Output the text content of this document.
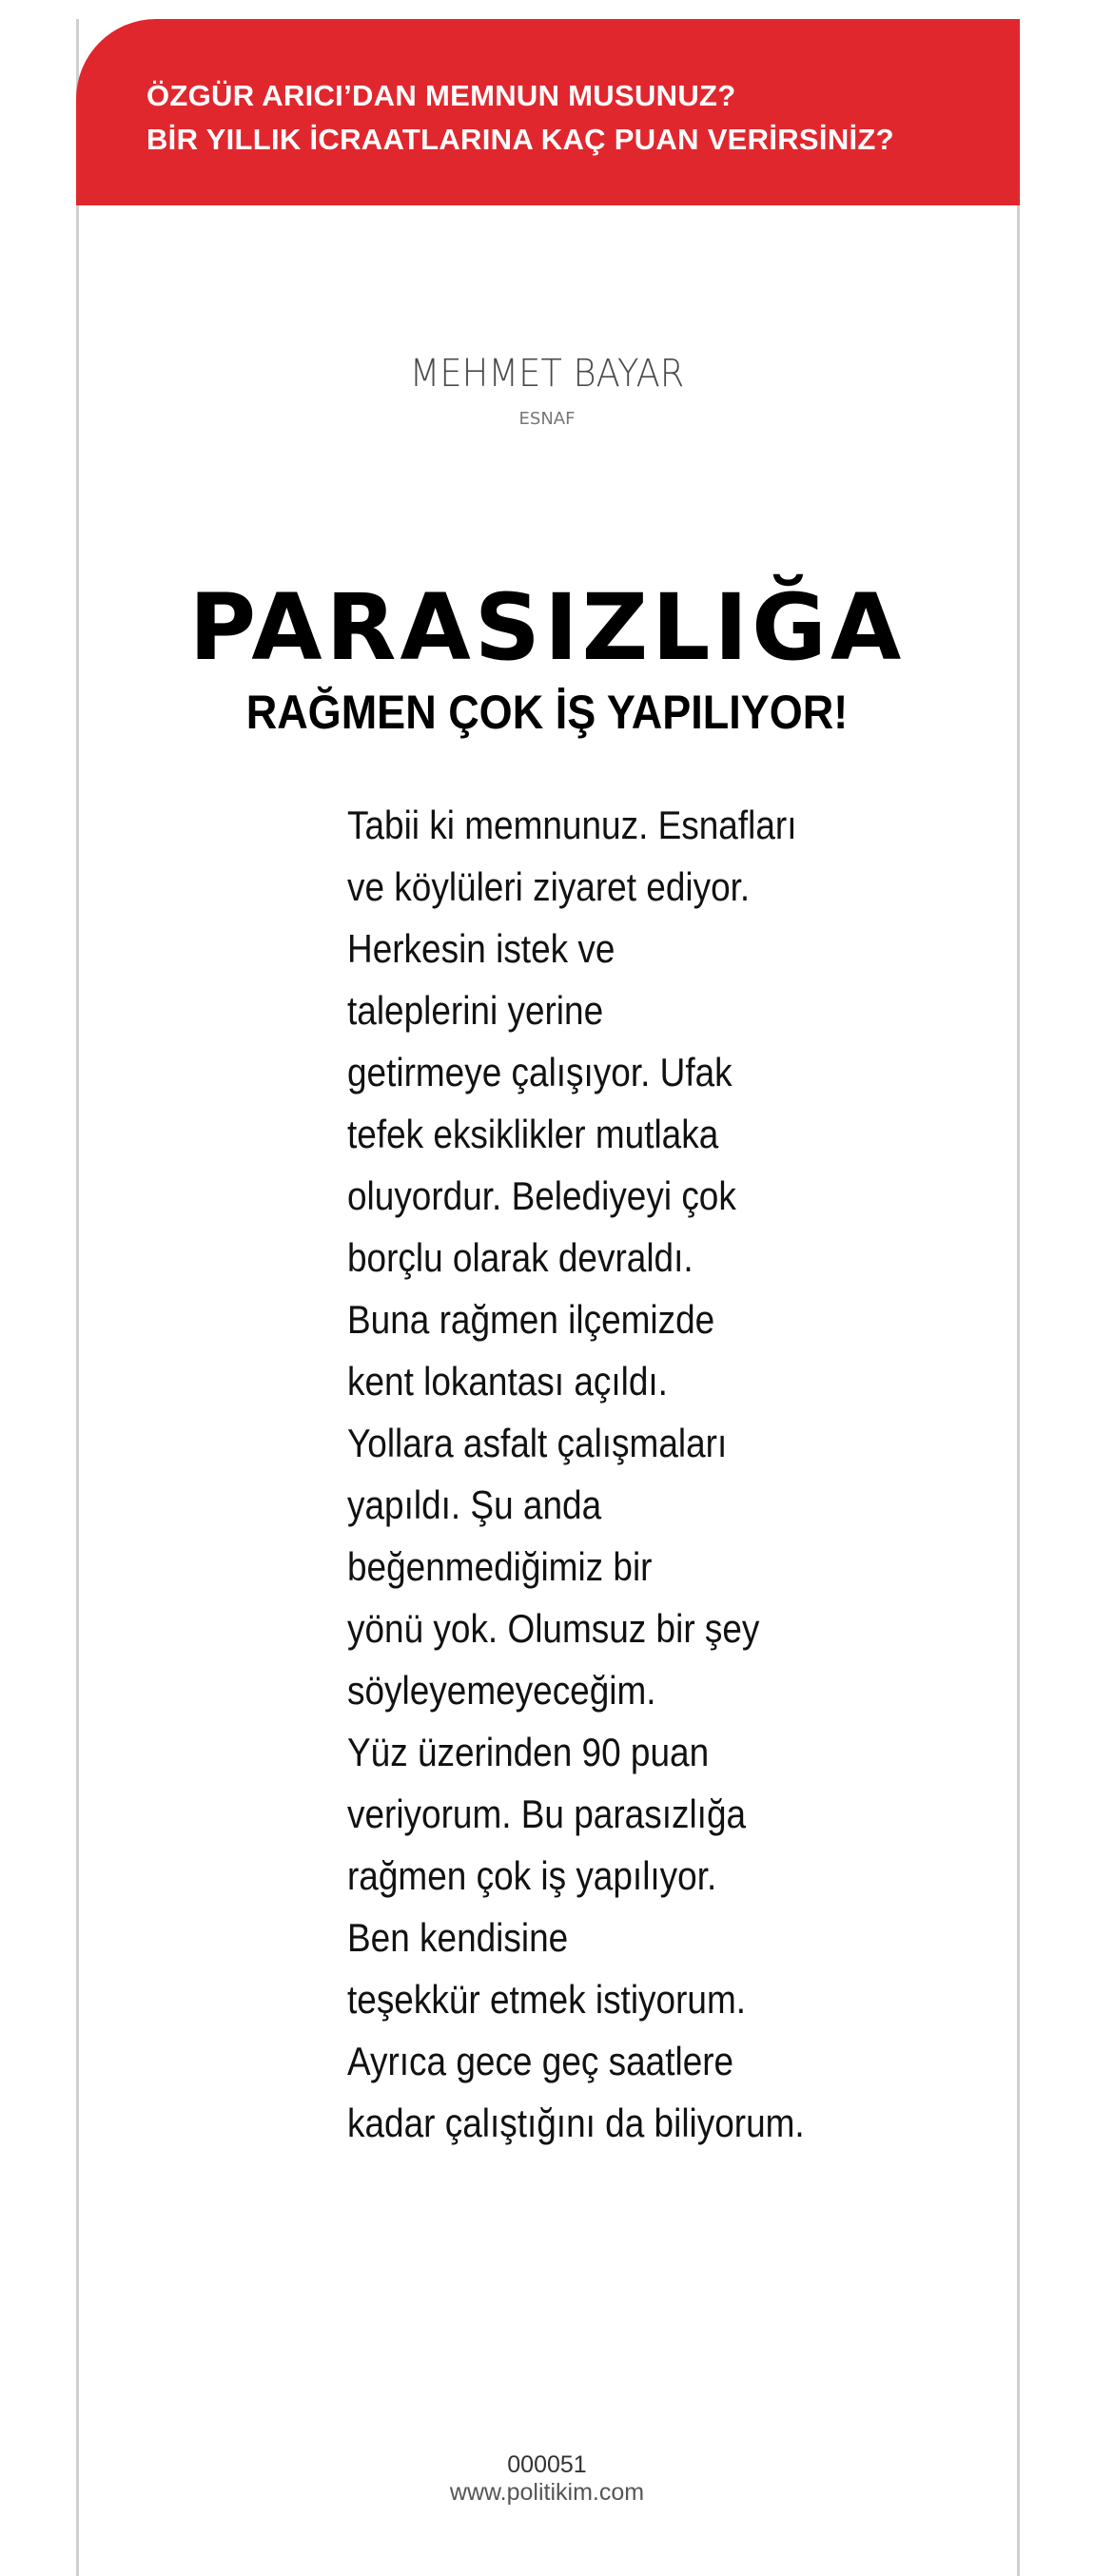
ÖZGÜR ARICI’DAN MEMNUN MUSUNUZ?
BİR YILLIK İCRAATLARINA KAÇ PUAN VERİRSİNİZ?
MEHMET BAYAR
ESNAF
PARASIZLIĞA
RAĞMEN ÇOK İŞ YAPILIYOR!
Tabii ki memnunuz. Esnafları
ve köylüleri ziyaret ediyor.
Herkesin istek ve
taleplerini yerine
getirmeye çalışıyor. Ufak
tefek eksiklikler mutlaka
oluyordur. Belediyeyi çok
borçlu olarak devraldı.
Buna rağmen ilçemizde
kent lokantası açıldı.
Yollara asfalt çalışmaları
yapıldı. Şu anda
beğenmediğimiz bir
yönü yok. Olumsuz bir şey
söyleyemeyeceğim.
Yüz üzerinden 90 puan
veriyorum. Bu parasızlığa
rağmen çok iş yapılıyor.
Ben kendisine
teşekkür etmek istiyorum.
Ayrıca gece geç saatlere
kadar çalıştığını da biliyorum.
000051
www.politikim.com
